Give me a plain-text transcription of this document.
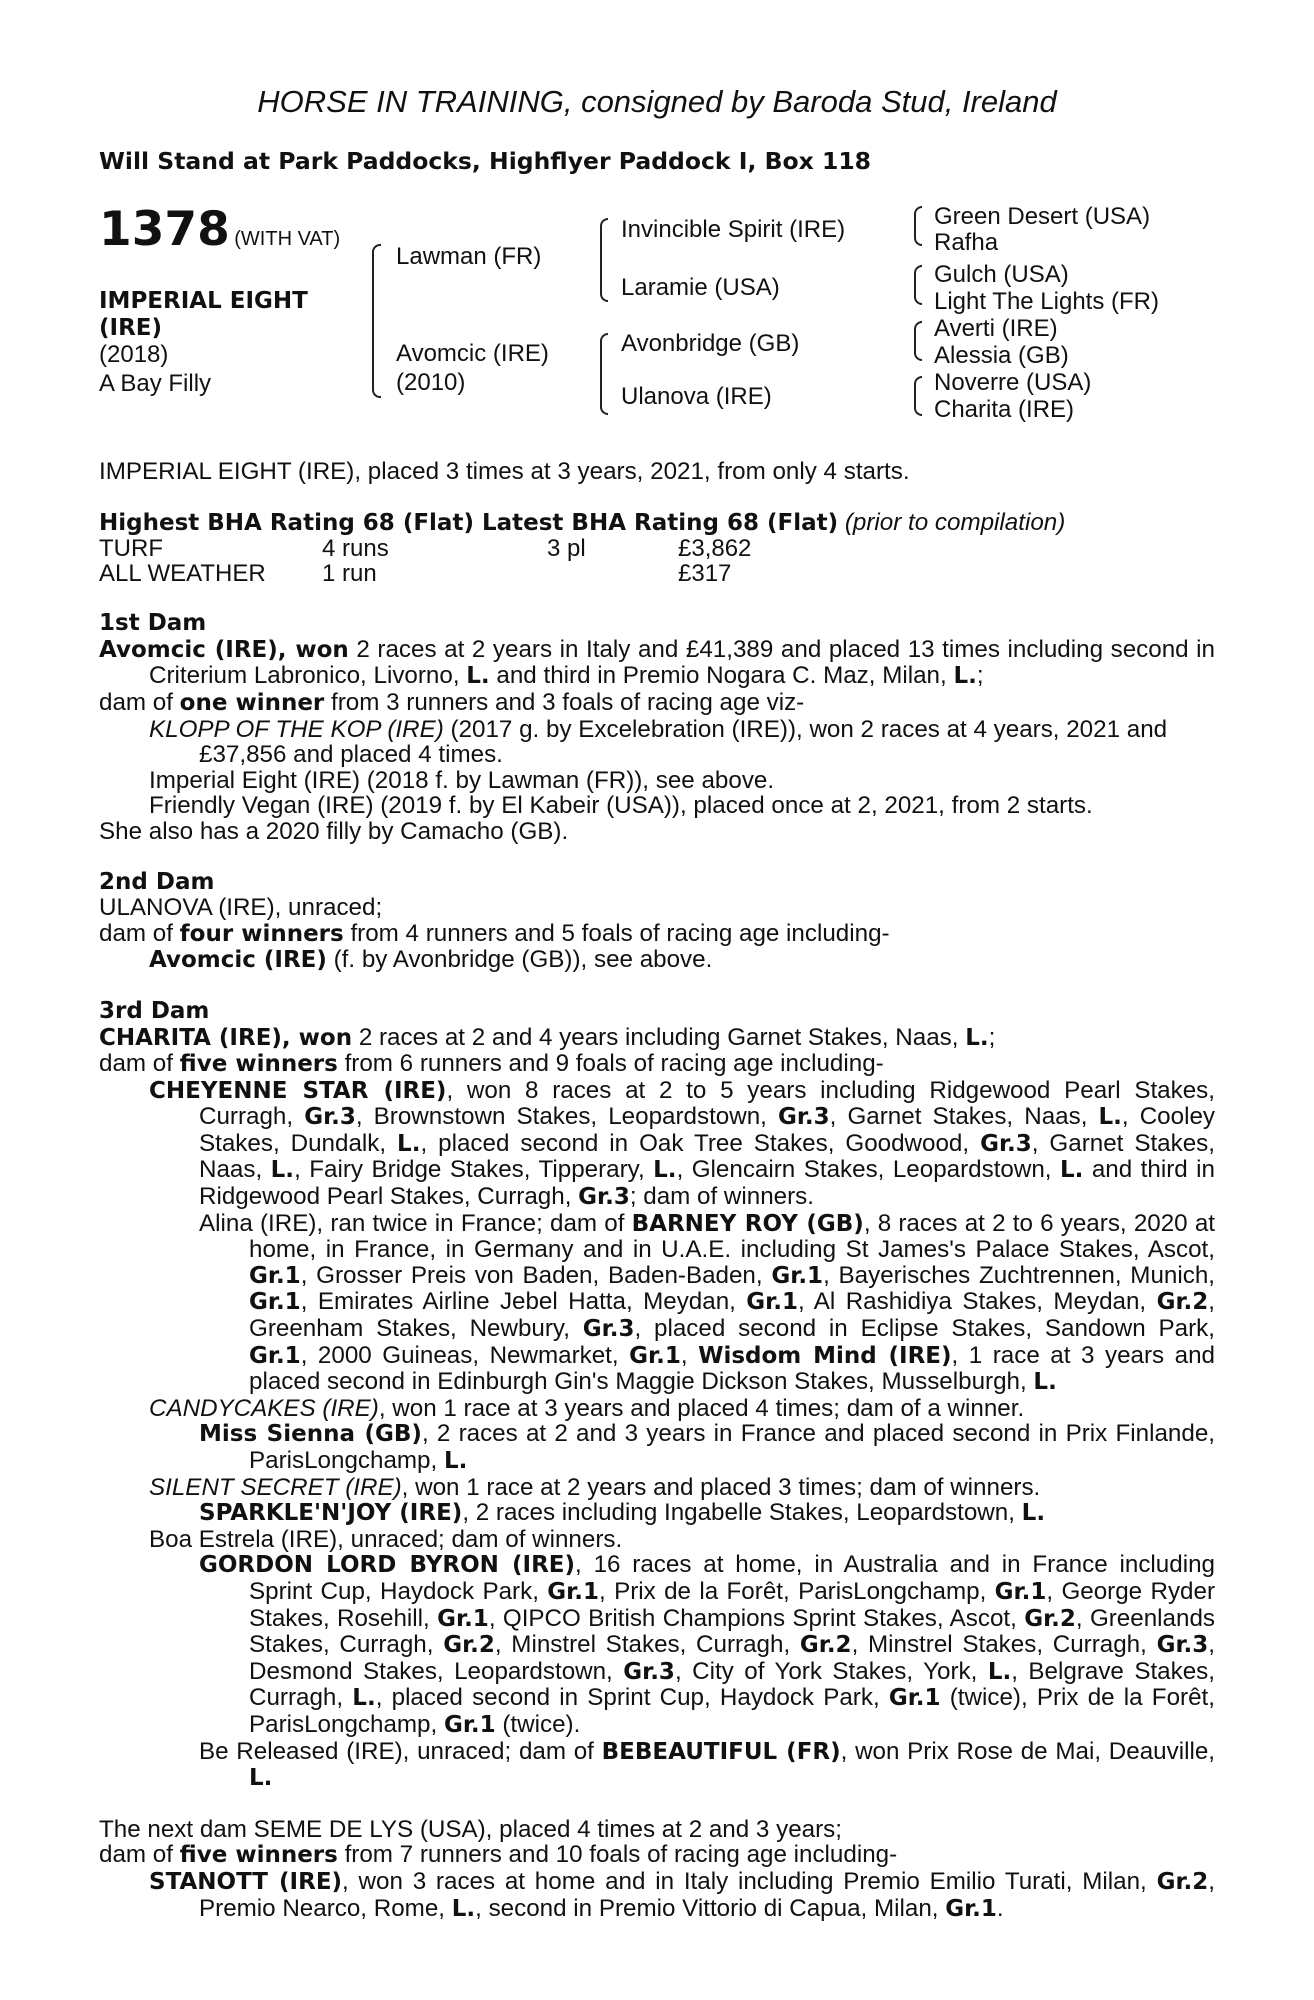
HORSE IN TRAINING, consigned by Baroda Stud, Ireland
Will Stand at Park Paddocks, Highflyer Paddock I, Box 118
1378 (WITH VAT)
IMPERIAL EIGHT
(IRE)
(2018)
A Bay Filly
Lawman (FR)
Avomcic (IRE)
(2010)
Invincible Spirit (IRE)
Laramie (USA)
Avonbridge (GB)
Ulanova (IRE)
Green Desert (USA)
Rafha
Gulch (USA)
Light The Lights (FR)
Averti (IRE)
Alessia (GB)
Noverre (USA)
Charita (IRE)

IMPERIAL EIGHT (IRE), placed 3 times at 3 years, 2021, from only 4 starts.

Highest BHA Rating 68 (Flat) Latest BHA Rating 68 (Flat) (prior to compilation)

TURF	4 runs	3 pl	£3,862
ALL WEATHER	1 run		£317

1st Dam

Avomcic (IRE), won 2 races at 2 years in Italy and £41,389 and placed 13 times including second in Criterium Labronico, Livorno, L. and third in Premio Nogara C. Maz, Milan, L.;

dam of one winner from 3 runners and 3 foals of racing age viz-

KLOPP OF THE KOP (IRE) (2017 g. by Excelebration (IRE)), won 2 races at 4 years, 2021 and £37,856 and placed 4 times.

Imperial Eight (IRE) (2018 f. by Lawman (FR)), see above.

Friendly Vegan (IRE) (2019 f. by El Kabeir (USA)), placed once at 2, 2021, from 2 starts.

She also has a 2020 filly by Camacho (GB).

2nd Dam

ULANOVA (IRE), unraced;

dam of four winners from 4 runners and 5 foals of racing age including-

Avomcic (IRE) (f. by Avonbridge (GB)), see above.

3rd Dam

CHARITA (IRE), won 2 races at 2 and 4 years including Garnet Stakes, Naas, L.;

dam of five winners from 6 runners and 9 foals of racing age including-

CHEYENNE STAR (IRE), won 8 races at 2 to 5 years including Ridgewood Pearl Stakes, Curragh, Gr.3, Brownstown Stakes, Leopardstown, Gr.3, Garnet Stakes, Naas, L., Cooley Stakes, Dundalk, L., placed second in Oak Tree Stakes, Goodwood, Gr.3, Garnet Stakes, Naas, L., Fairy Bridge Stakes, Tipperary, L., Glencairn Stakes, Leopardstown, L. and third in Ridgewood Pearl Stakes, Curragh, Gr.3; dam of winners.

Alina (IRE), ran twice in France; dam of BARNEY ROY (GB), 8 races at 2 to 6 years, 2020 at home, in France, in Germany and in U.A.E. including St James's Palace Stakes, Ascot, Gr.1, Grosser Preis von Baden, Baden-Baden, Gr.1, Bayerisches Zuchtrennen, Munich, Gr.1, Emirates Airline Jebel Hatta, Meydan, Gr.1, Al Rashidiya Stakes, Meydan, Gr.2, Greenham Stakes, Newbury, Gr.3, placed second in Eclipse Stakes, Sandown Park, Gr.1, 2000 Guineas, Newmarket, Gr.1, Wisdom Mind (IRE), 1 race at 3 years and placed second in Edinburgh Gin's Maggie Dickson Stakes, Musselburgh, L.

CANDYCAKES (IRE), won 1 race at 3 years and placed 4 times; dam of a winner.

Miss Sienna (GB), 2 races at 2 and 3 years in France and placed second in Prix Finlande, ParisLongchamp, L.

SILENT SECRET (IRE), won 1 race at 2 years and placed 3 times; dam of winners.

SPARKLE'N'JOY (IRE), 2 races including Ingabelle Stakes, Leopardstown, L.

Boa Estrela (IRE), unraced; dam of winners.

GORDON LORD BYRON (IRE), 16 races at home, in Australia and in France including Sprint Cup, Haydock Park, Gr.1, Prix de la Forêt, ParisLongchamp, Gr.1, George Ryder Stakes, Rosehill, Gr.1, QIPCO British Champions Sprint Stakes, Ascot, Gr.2, Greenlands Stakes, Curragh, Gr.2, Minstrel Stakes, Curragh, Gr.2, Minstrel Stakes, Curragh, Gr.3, Desmond Stakes, Leopardstown, Gr.3, City of York Stakes, York, L., Belgrave Stakes, Curragh, L., placed second in Sprint Cup, Haydock Park, Gr.1 (twice), Prix de la Forêt, ParisLongchamp, Gr.1 (twice).

Be Released (IRE), unraced; dam of BEBEAUTIFUL (FR), won Prix Rose de Mai, Deauville, L.

The next dam SEME DE LYS (USA), placed 4 times at 2 and 3 years;

dam of five winners from 7 runners and 10 foals of racing age including-

STANOTT (IRE), won 3 races at home and in Italy including Premio Emilio Turati, Milan, Gr.2, Premio Nearco, Rome, L., second in Premio Vittorio di Capua, Milan, Gr.1.
